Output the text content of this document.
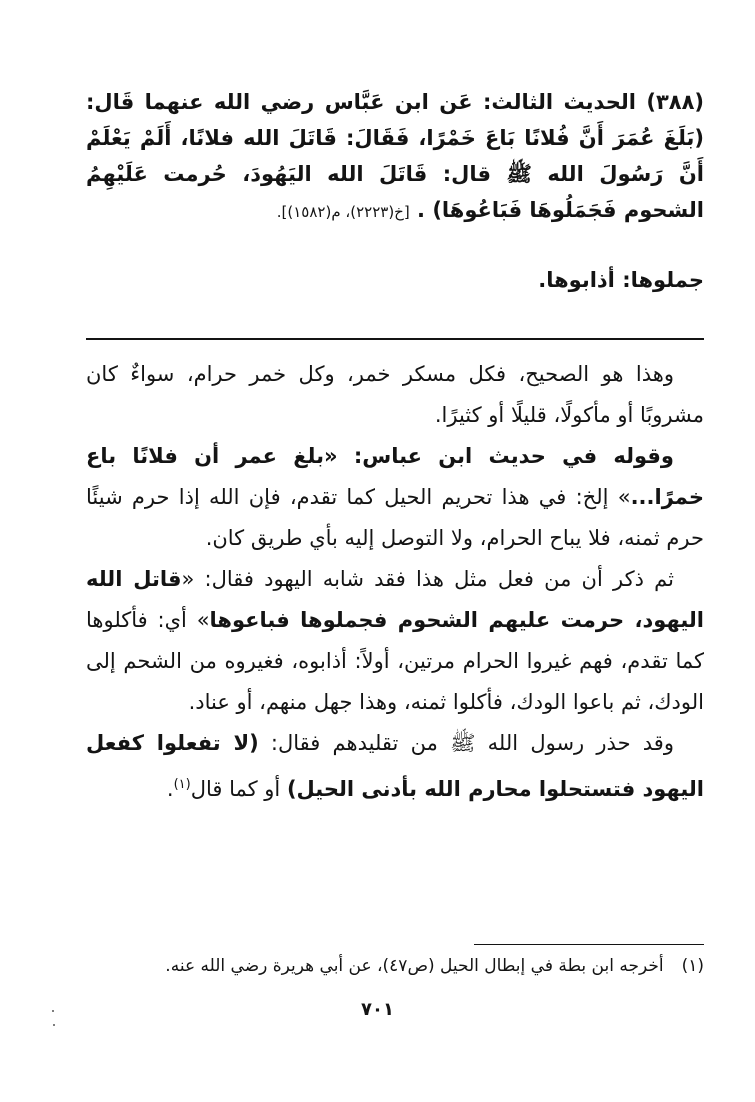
(٣٨٨) الحديث الثالث: عَن ابن عَبَّاس رضي الله عنهما قَال: (بَلَغَ عُمَرَ أَنَّ فُلانًا بَاعَ خَمْرًا، فَقَالَ: قَاتَلَ الله فلانًا، أَلَمْ يَعْلَمْ أَنَّ رَسُولَ الله ﷺ قال: قَاتَلَ الله اليَهُودَ، حُرمت عَلَيْهِمُ الشحوم فَجَمَلُوهَا فَبَاعُوهَا) . [خ(٢٢٢٣)، م(١٥٨٢)].
جملوها: أذابوها.

وهذا هو الصحيح، فكل مسكر خمر، وكل خمر حرام، سواءٌ كان مشروبًا أو مأكولًا، قليلًا أو كثيرًا.

وقوله في حديث ابن عباس: «بلغ عمر أن فلانًا باع خمرًا...» إلخ: في هذا تحريم الحيل كما تقدم، فإن الله إذا حرم شيئًا حرم ثمنه، فلا يباح الحرام، ولا التوصل إليه بأي طريق كان.

ثم ذكر أن من فعل مثل هذا فقد شابه اليهود فقال: «قاتل الله اليهود، حرمت عليهم الشحوم فجملوها فباعوها» أي: فأكلوها كما تقدم، فهم غيروا الحرام مرتين، أولاً: أذابوه، فغيروه من الشحم إلى الودك، ثم باعوا الودك، فأكلوا ثمنه، وهذا جهل منهم، أو عناد.

وقد حذر رسول الله ﷺ من تقليدهم فقال: (لا تفعلوا كفعل اليهود فتستحلوا محارم الله بأدنى الحيل) أو كما قال$^{(١)}$.

(١)أخرجه ابن بطة في إبطال الحيل (ص٤٧)، عن أبي هريرة رضي الله عنه.
٧٠١
